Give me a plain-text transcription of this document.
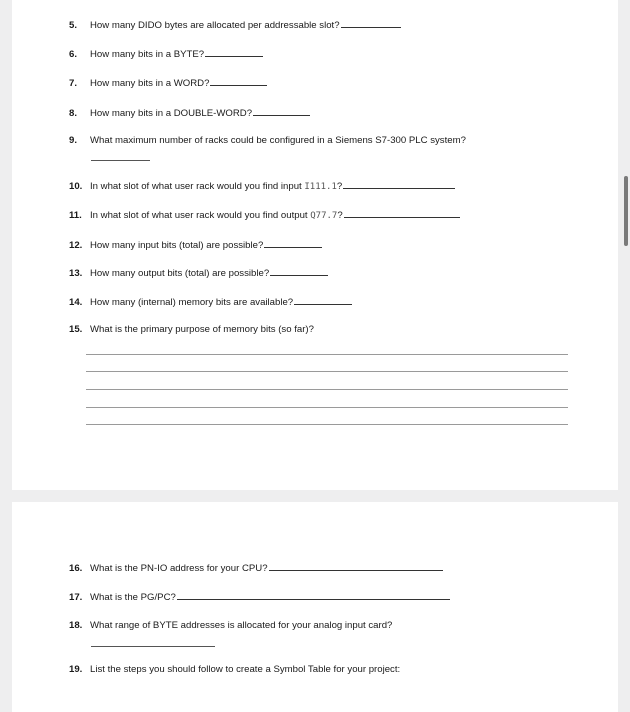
5. How many DIDO bytes are allocated per addressable slot?
6. How many bits in a BYTE?
7. How many bits in a WORD?
8. How many bits in a DOUBLE-WORD?
9. What maximum number of racks could be configured in a Siemens S7-300 PLC system?
10. In what slot of what user rack would you find input I111.1?
11. In what slot of what user rack would you find output Q77.7?
12. How many input bits (total) are possible?
13. How many output bits (total) are possible?
14. How many (internal) memory bits are available?
15. What is the primary purpose of memory bits (so far)?
16. What is the PN-IO address for your CPU?
17. What is the PG/PC?
18. What range of BYTE addresses is allocated for your analog input card?
19. List the steps you should follow to create a Symbol Table for your project:
